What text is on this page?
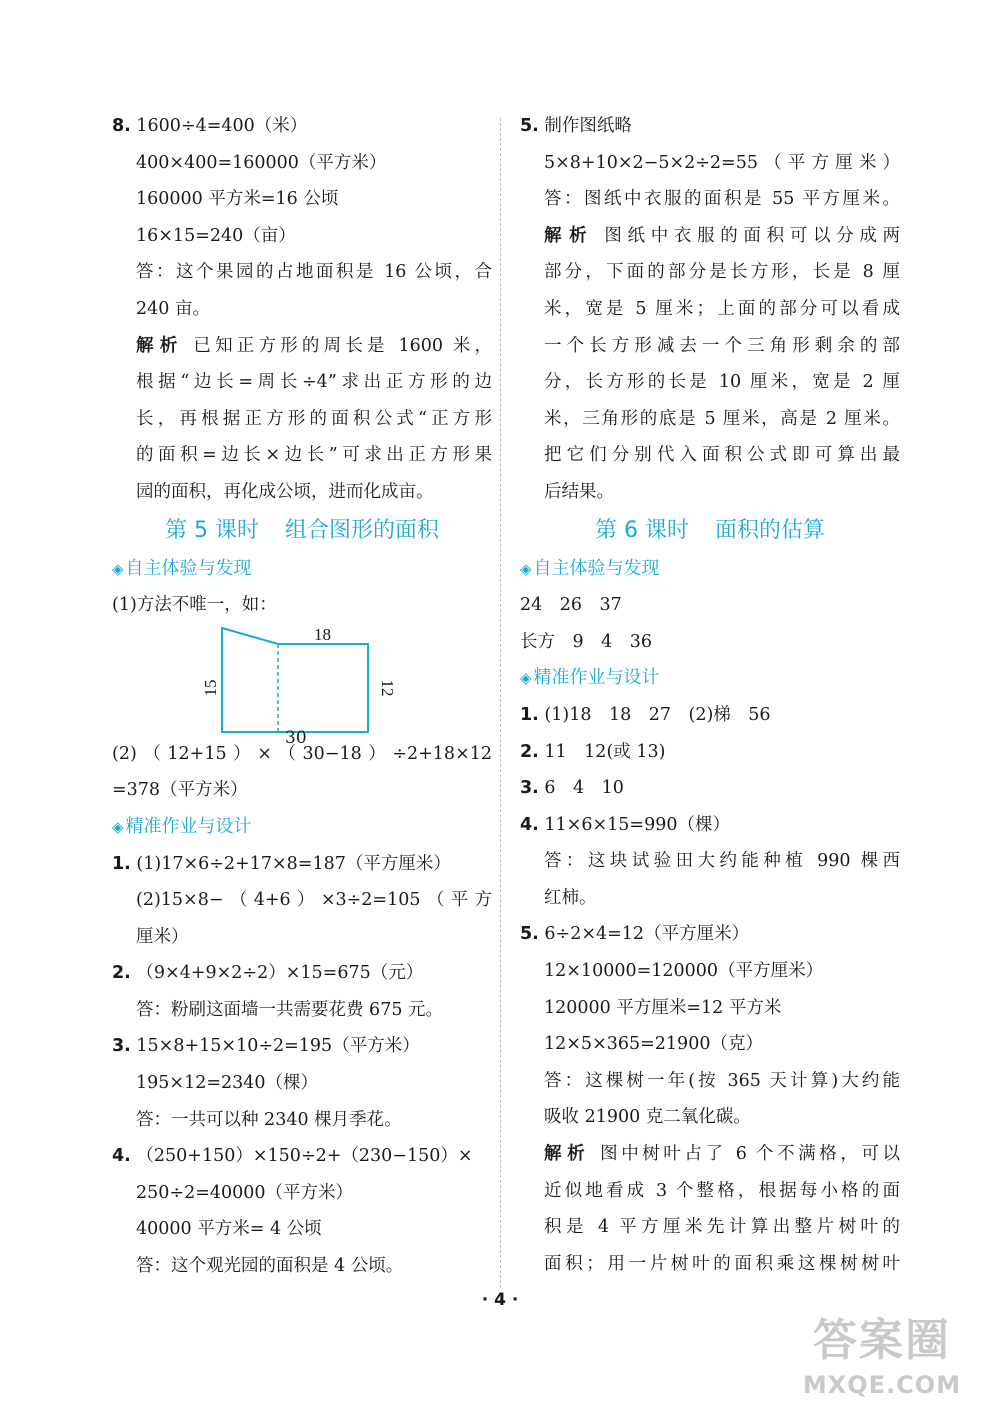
8. 1600÷4=400（米）
400×400=160000（平方米）
160000 平方米=16 公顷
16×15=240（亩）
答：这个果园的占地面积是 16 公顷，合
240 亩。
解析 已知正方形的周长是 1600 米，
根据“边长=周长÷4”求出正方形的边
长，再根据正方形的面积公式“正方形
的面积=边长×边长”可求出正方形果
园的面积，再化成公顷，进而化成亩。
第 5 课时 组合图形的面积
◈ 自主体验与发现
(1)方法不唯一，如：
18
15	12
30
(2)（12+15）×（30−18）÷2+18×12
=378（平方米）
◈ 精准作业与设计
1. (1)17×6÷2+17×8=187（平方厘米）
(2)15×8−（4+6）×3÷2=105（平方
厘米）
2. （9×4+9×2÷2）×15=675（元）
答：粉刷这面墙一共需要花费 675 元。
3. 15×8+15×10÷2=195（平方米）
195×12=2340（棵）
答：一共可以种 2340 棵月季花。
4. （250+150）×150÷2+（230−150）×
250÷2=40000（平方米）
40000 平方米= 4 公顷
答：这个观光园的面积是 4 公顷。
5. 制作图纸略
5×8+10×2−5×2÷2=55（平方厘米）
答：图纸中衣服的面积是 55 平方厘米。
解析 图纸中衣服的面积可以分成两
部分，下面的部分是长方形，长是 8 厘
米，宽是 5 厘米；上面的部分可以看成
一个长方形减去一个三角形剩余的部
分，长方形的长是 10 厘米，宽是 2 厘
米，三角形的底是 5 厘米，高是 2 厘米。
把它们分别代入面积公式即可算出最
后结果。
第 6 课时 面积的估算
◈ 自主体验与发现
24　26　37
长方　9　4　36
◈ 精准作业与设计
1. (1)18　18　27　(2)梯　56
2. 11　12(或 13)
3. 6　4　10
4. 11×6×15=990（棵）
答：这块试验田大约能种植 990 棵西
红柿。
5. 6÷2×4=12（平方厘米）
12×10000=120000（平方厘米）
120000 平方厘米=12 平方米
12×5×365=21900（克）
答：这棵树一年(按 365 天计算)大约能
吸收 21900 克二氧化碳。
解析 图中树叶占了 6 个不满格，可以
近似地看成 3 个整格，根据每小格的面
积是 4 平方厘米先计算出整片树叶的
面积；用一片树叶的面积乘这棵树树叶
· 4 ·
答案圈
MXQE.COM
